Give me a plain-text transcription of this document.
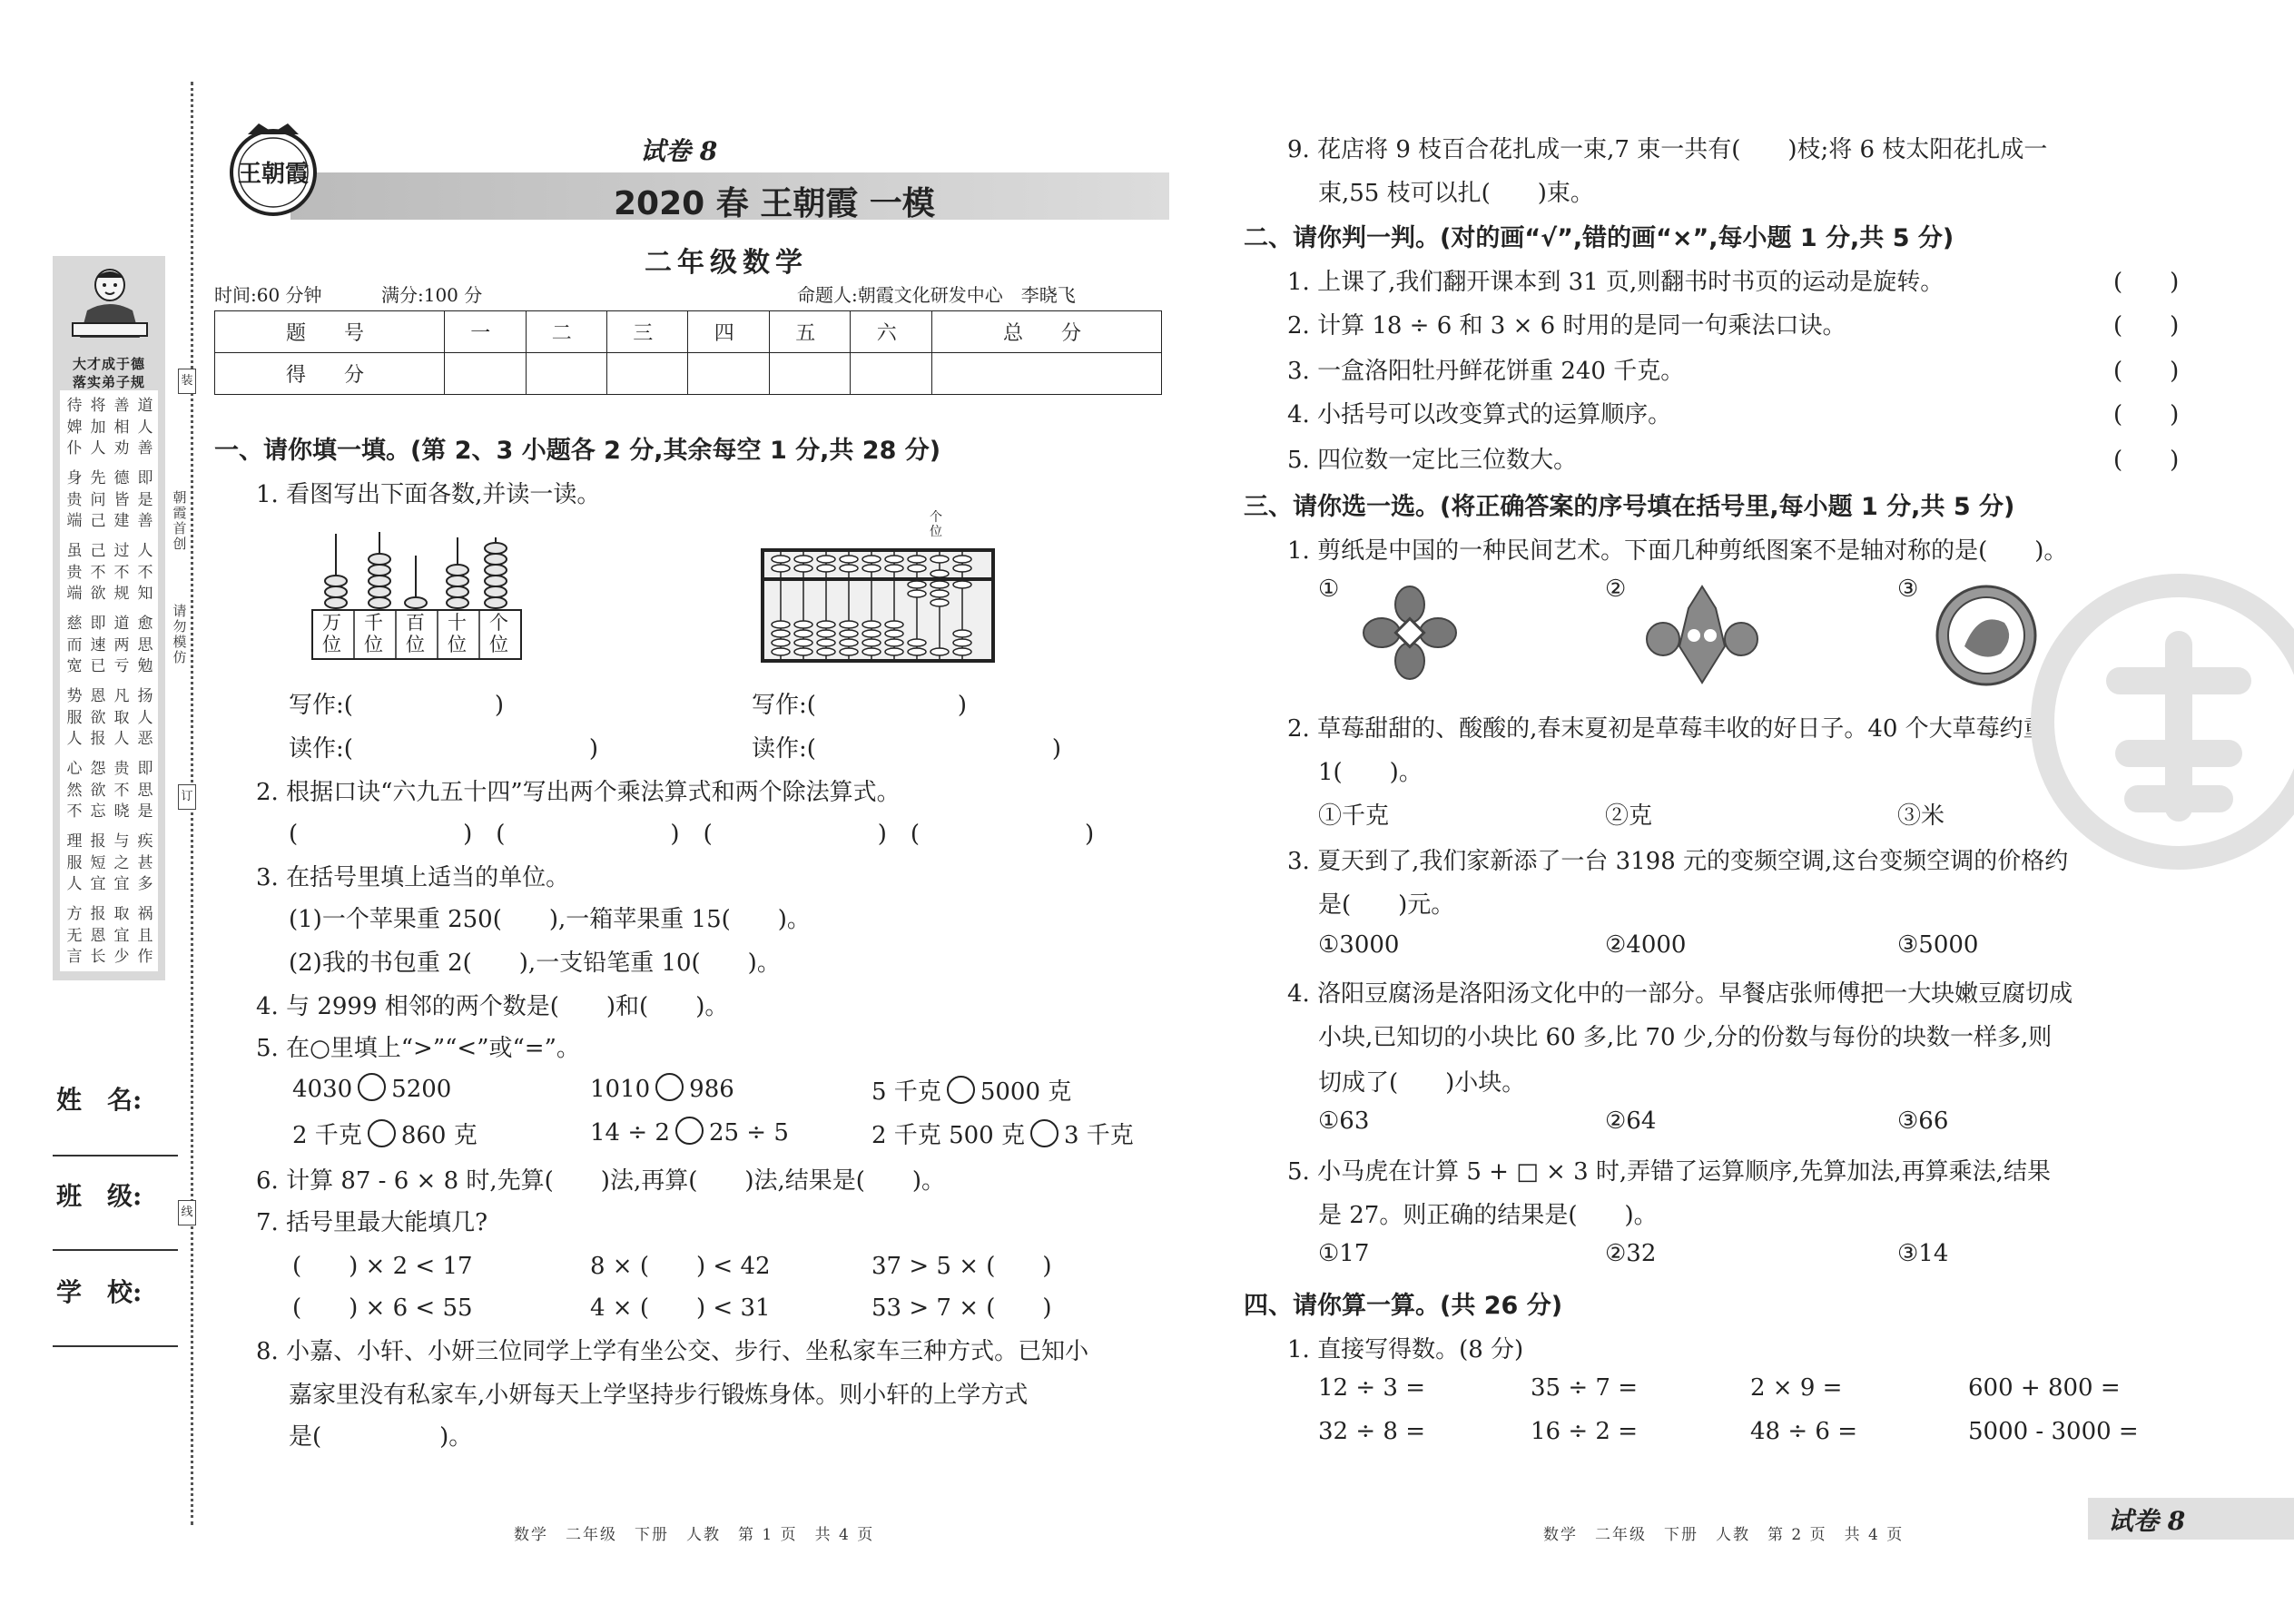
装
订
线
朝霞首创
请勿模仿
大才成于德
落实弟子规
待婢仆
将加人
善相劝
道人善
身贵端
先问己
德皆建
即是善
虽贵端
己不欲
过不规
人不知
慈而宽
即速已
道两亏
愈思勉
势服人
恩欲报
凡取人
扬人恶
心然不
怨欲忘
贵不晓
即思是
理服人
报短宜
与之宜
疾甚多
方无言
报恩长
取宜少
祸且作
姓　名:
班　级:
学　校:
王朝霞
试卷 8
2020 春 王朝霞 一模
二年级数学
时间:60 分钟	满分:100 分	命题人:朝霞文化研发中心　李晓飞
题　号	一	二	三	四	五	六	总　分
得　分							
一、请你填一填。(第 2、3 小题各 2 分,其余每空 1 分,共 28 分)
1. 看图写出下面各数,并读一读。
万位
千位
百位
十位
个位
个位
写作:(　　　　　　)
读作:(　　　　　　　　　　)
写作:(　　　　　　)
读作:(　　　　　　　　　　)
2. 根据口诀“六九五十四”写出两个乘法算式和两个除法算式。
(　　　　　　　)　(　　　　　　　)　(　　　　　　　)　(　　　　　　　)
3. 在括号里填上适当的单位。
(1)一个苹果重 250(　　),一箱苹果重 15(　　)。
(2)我的书包重 2(　　),一支铅笔重 10(　　)。
4. 与 2999 相邻的两个数是(　　)和(　　)。
5. 在○里填上“>”“<”或“=”。
4030 5200	1010 986	5 千克 5000 克
2 千克 860 克	14 ÷ 2 25 ÷ 5	2 千克 500 克 3 千克
6. 计算 87 - 6 × 8 时,先算(　　)法,再算(　　)法,结果是(　　)。
7. 括号里最大能填几?
(　　) × 2 < 17	8 × (　　) < 42	37 > 5 × (　　)
(　　) × 6 < 55	4 × (　　) < 31	53 > 7 × (　　)
8. 小嘉、小轩、小妍三位同学上学有坐公交、步行、坐私家车三种方式。已知小
嘉家里没有私家车,小妍每天上学坚持步行锻炼身体。则小轩的上学方式
是(　　　　　)。
数学　二年级　下册　人教　第 1 页　共 4 页
9. 花店将 9 枝百合花扎成一束,7 束一共有(　　)枝;将 6 枝太阳花扎成一
束,55 枝可以扎(　　)束。
二、请你判一判。(对的画“√”,错的画“×”,每小题 1 分,共 5 分)
1. 上课了,我们翻开课本到 31 页,则翻书时书页的运动是旋转。
2. 计算 18 ÷ 6 和 3 × 6 时用的是同一句乘法口诀。
3. 一盒洛阳牡丹鲜花饼重 240 千克。
4. 小括号可以改变算式的运算顺序。
5. 四位数一定比三位数大。
(　　)
(　　)
(　　)
(　　)
(　　)
三、请你选一选。(将正确答案的序号填在括号里,每小题 1 分,共 5 分)
1. 剪纸是中国的一种民间艺术。下面几种剪纸图案不是轴对称的是(　　)。
①	②	③
2. 草莓甜甜的、酸酸的,春末夏初是草莓丰收的好日子。40 个大草莓约重
1(　　)。
①千克	②克	③米
3. 夏天到了,我们家新添了一台 3198 元的变频空调,这台变频空调的价格约
是(　　)元。
①3000	②4000	③5000
4. 洛阳豆腐汤是洛阳汤文化中的一部分。早餐店张师傅把一大块嫩豆腐切成
小块,已知切的小块比 60 多,比 70 少,分的份数与每份的块数一样多,则
切成了(　　)小块。
①63	②64	③66
5. 小马虎在计算 5 + □ × 3 时,弄错了运算顺序,先算加法,再算乘法,结果
是 27。则正确的结果是(　　)。
①17	②32	③14
四、请你算一算。(共 26 分)
1. 直接写得数。(8 分)
12 ÷ 3 =	35 ÷ 7 =	2 × 9 =	600 + 800 =
32 ÷ 8 =	16 ÷ 2 =	48 ÷ 6 =	5000 - 3000 =
数学　二年级　下册　人教　第 2 页　共 4 页	试卷 8
